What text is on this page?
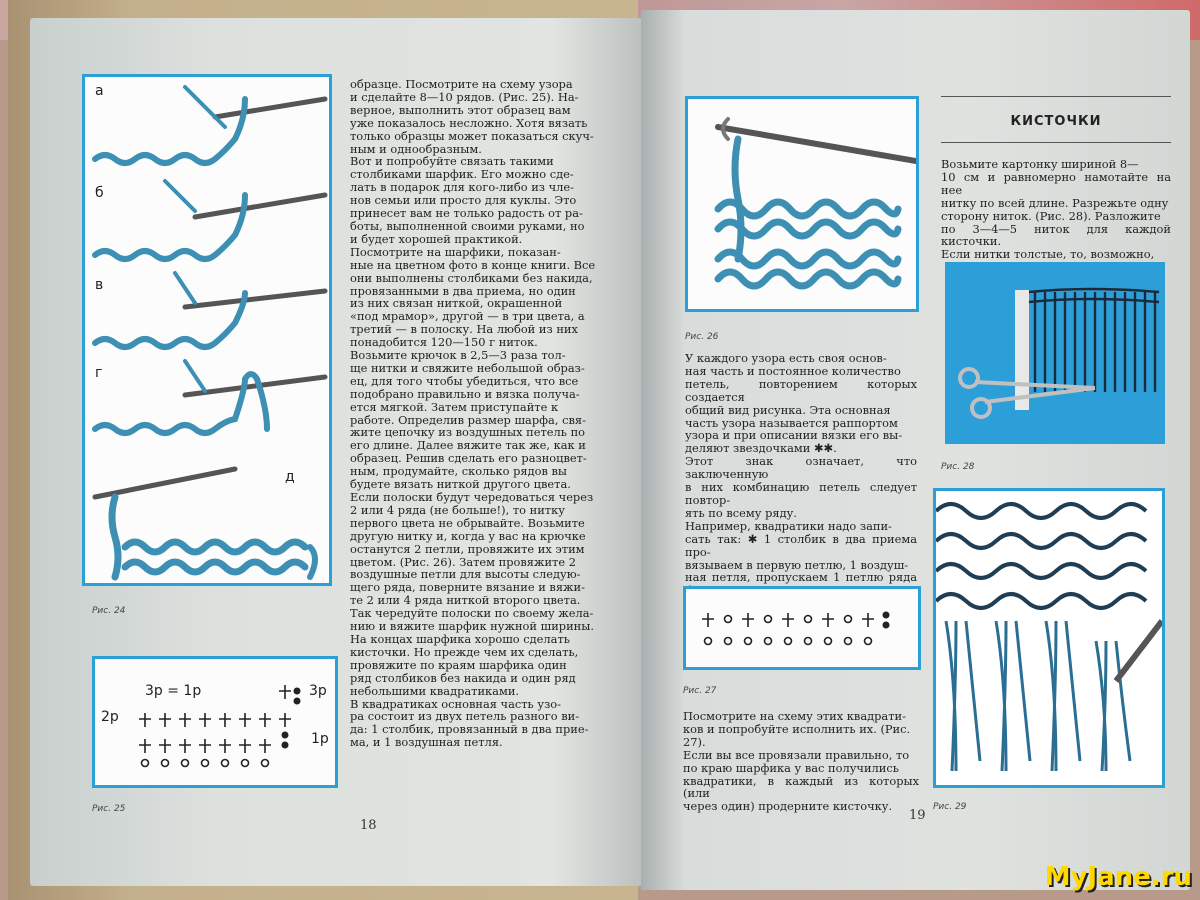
а
б
в
г
д
Рис. 24
3р = 1р	3р
2р
1р
Рис. 25

образце. Посмотрите на схему узора

и сделайте 8—10 рядов. (Рис. 25). На-

верное, выполнить этот образец вам

уже показалось несложно. Хотя вязать

только образцы может показаться скуч-

ным и однообразным.

Вот и попробуйте связать такими

столбиками шарфик. Его можно сде-

лать в подарок для кого-либо из чле-

нов семьи или просто для куклы. Это

принесет вам не только радость от ра-

боты, выполненной своими руками, но

и будет хорошей практикой.

Посмотрите на шарфики, показан-

ные на цветном фото в конце книги. Все

они выполнены столбиками без накида,

провязанными в два приема, но один

из них связан ниткой, окрашенной

«под мрамор», другой — в три цвета, а

третий — в полоску. На любой из них

понадобится 120—150 г ниток.

Возьмите крючок в 2,5—3 раза тол-

ще нитки и свяжите небольшой образ-

ец, для того чтобы убедиться, что все

подобрано правильно и вязка получа-

ется мягкой. Затем приступайте к

работе. Определив размер шарфа, свя-

жите цепочку из воздушных петель по

его длине. Далее вяжите так же, как и

образец. Решив сделать его разноцвет-

ным, продумайте, сколько рядов вы

будете вязать ниткой другого цвета.

Если полоски будут чередоваться через

2 или 4 ряда (не больше!), то нитку

первого цвета не обрывайте. Возьмите

другую нитку и, когда у вас на крючке

останутся 2 петли, провяжите их этим

цветом. (Рис. 26). Затем провяжите 2

воздушные петли для высоты следую-

щего ряда, поверните вязание и вяжи-

те 2 или 4 ряда ниткой второго цвета.

Так чередуйте полоски по своему жела-

нию и вяжите шарфик нужной ширины.

На концах шарфика хорошо сделать

кисточки. Но прежде чем их сделать,

провяжите по краям шарфика один

ряд столбиков без накида и один ряд

небольшими квадратиками.

В квадратиках основная часть узо-

ра состоит из двух петель разного ви-

да: 1 столбик, провязанный в два прие-

ма, и 1 воздушная петля.

18
Рис. 26
КИСТОЧКИ

Возьмите картонку шириной 8—

10 см и равномерно намотайте на нее

нитку по всей длине. Разрежьте одну

сторону ниток. (Рис. 28). Разложите

по 3—4—5 ниток для каждой кисточки.

Если нитки толстые, то, возможно,

Рис. 28

У каждого узора есть своя основ-

ная часть и постоянное количество

петель, повторением которых создается

общий вид рисунка. Эта основная

часть узора называется раппортом

узора и при описании вязки его вы-

деляют звездочками ✱✱.

Этот знак означает, что заключенную

в них комбинацию петель следует повтор-

ять по всему ряду.

Например, квадратики надо запи-

сать так: ✱ 1 столбик в два приема про-

вязываем в первую петлю, 1 воздуш-

ная петля, пропускаем 1 петлю ряда

Рис. 27

Посмотрите на схему этих квадрати-

ков и попробуйте исполнить их. (Рис.

27).

Если вы все провязали правильно, то

по краю шарфика у вас получились

квадратики, в каждый из которых (или

через один) продерните кисточку.	Рис. 29
19
MyJane.ru
